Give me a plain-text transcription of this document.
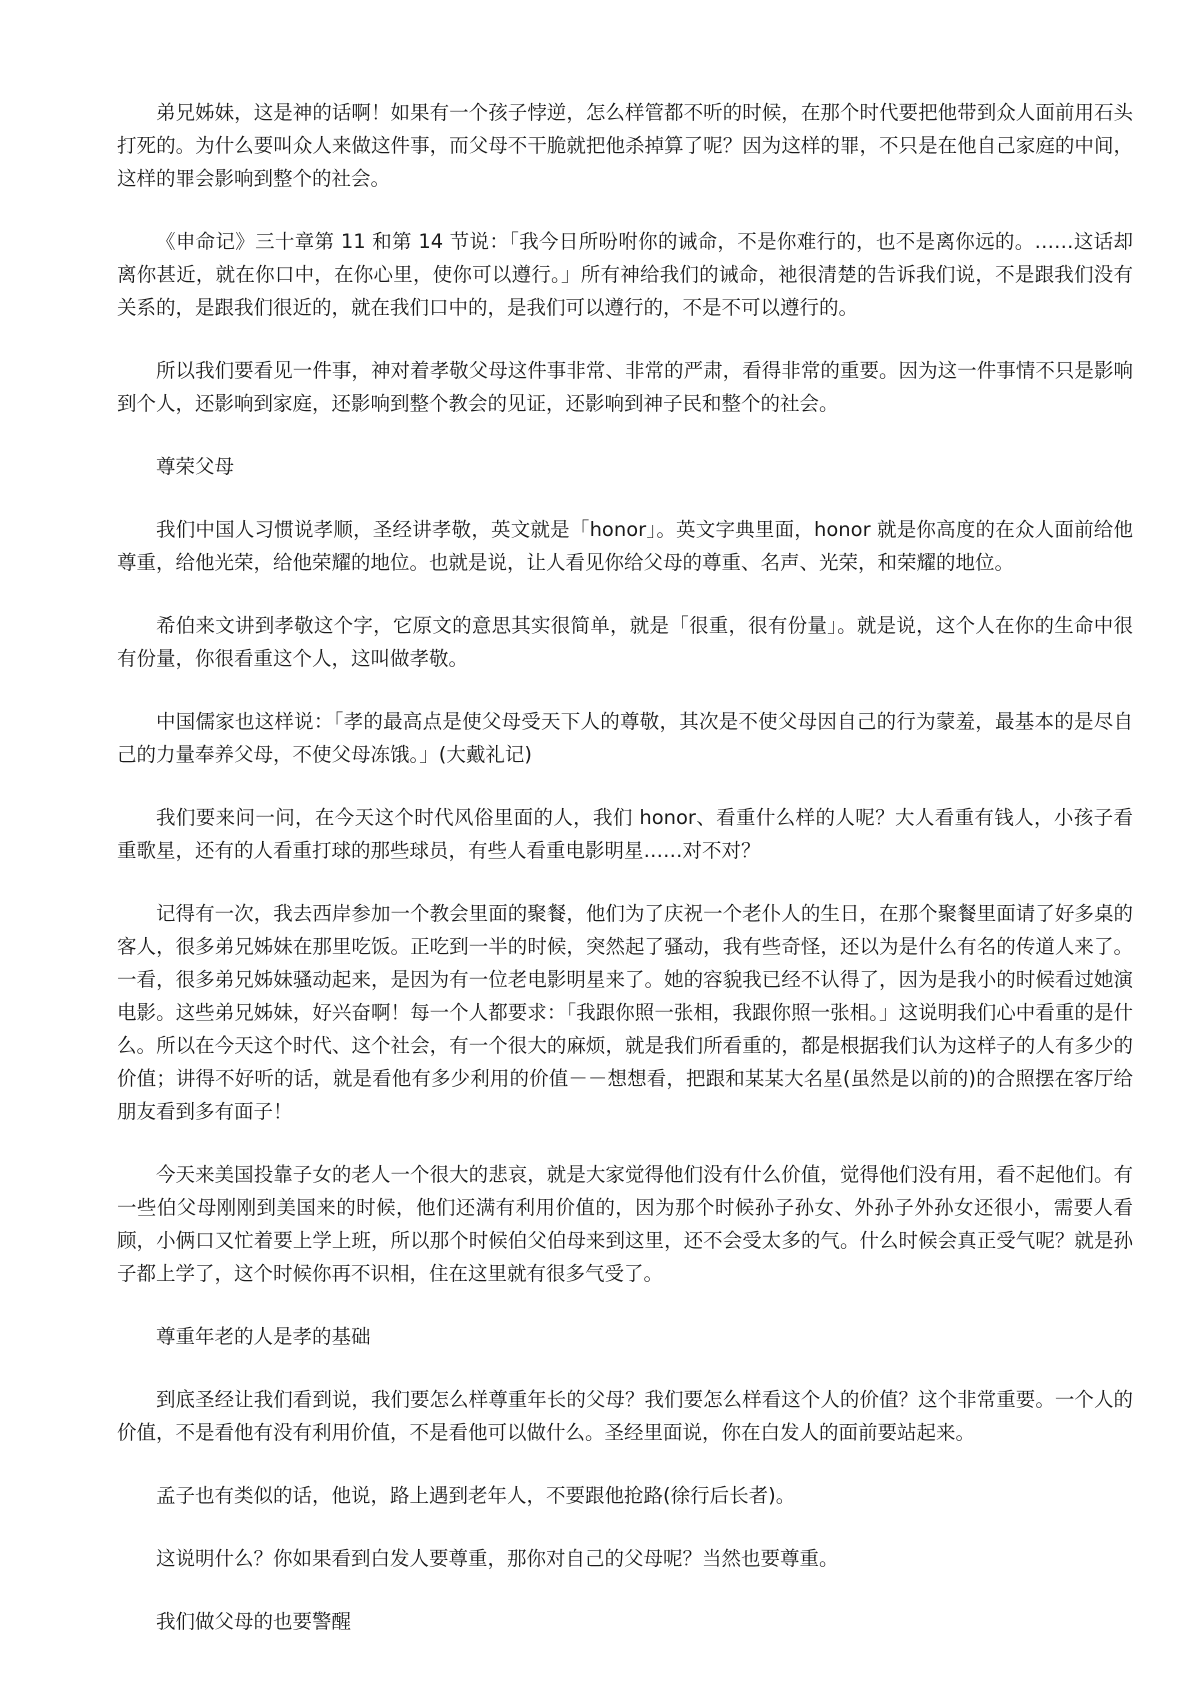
弟兄姊妹，这是神的话啊！如果有一个孩子悖逆，怎么样管都不听的时候，在那个时代要把他带到众人面前用石头打死的。为什么要叫众人来做这件事，而父母不干脆就把他杀掉算了呢？因为这样的罪，不只是在他自己家庭的中间，这样的罪会影响到整个的社会。

《申命记》三十章第 11 和第 14 节说：「我今日所吩咐你的诫命，不是你难行的，也不是离你远的。……这话却离你甚近，就在你口中，在你心里，使你可以遵行。」所有神给我们的诫命，祂很清楚的告诉我们说，不是跟我们没有关系的，是跟我们很近的，就在我们口中的，是我们可以遵行的，不是不可以遵行的。

所以我们要看见一件事，神对着孝敬父母这件事非常、非常的严肃，看得非常的重要。因为这一件事情不只是影响到个人，还影响到家庭，还影响到整个教会的见证，还影响到神子民和整个的社会。

尊荣父母

我们中国人习惯说孝顺，圣经讲孝敬，英文就是「honor」。英文字典里面，honor 就是你高度的在众人面前给他尊重，给他光荣，给他荣耀的地位。也就是说，让人看见你给父母的尊重、名声、光荣，和荣耀的地位。

希伯来文讲到孝敬这个字，它原文的意思其实很简单，就是「很重，很有份量」。就是说，这个人在你的生命中很有份量，你很看重这个人，这叫做孝敬。

中国儒家也这样说：「孝的最高点是使父母受天下人的尊敬，其次是不使父母因自己的行为蒙羞，最基本的是尽自己的力量奉养父母，不使父母冻饿。」(大戴礼记)

我们要来问一问，在今天这个时代风俗里面的人，我们 honor、看重什么样的人呢？大人看重有钱人，小孩子看重歌星，还有的人看重打球的那些球员，有些人看重电影明星……对不对？

记得有一次，我去西岸参加一个教会里面的聚餐，他们为了庆祝一个老仆人的生日，在那个聚餐里面请了好多桌的客人，很多弟兄姊妹在那里吃饭。正吃到一半的时候，突然起了骚动，我有些奇怪，还以为是什么有名的传道人来了。一看，很多弟兄姊妹骚动起来，是因为有一位老电影明星来了。她的容貌我已经不认得了，因为是我小的时候看过她演电影。这些弟兄姊妹，好兴奋啊！每一个人都要求：「我跟你照一张相，我跟你照一张相。」这说明我们心中看重的是什么。所以在今天这个时代、这个社会，有一个很大的麻烦，就是我们所看重的，都是根据我们认为这样子的人有多少的价值；讲得不好听的话，就是看他有多少利用的价值－－想想看，把跟和某某大名星(虽然是以前的)的合照摆在客厅给朋友看到多有面子！

今天来美国投靠子女的老人一个很大的悲哀，就是大家觉得他们没有什么价值，觉得他们没有用，看不起他们。有一些伯父母刚刚到美国来的时候，他们还满有利用价值的，因为那个时候孙子孙女、外孙子外孙女还很小，需要人看顾，小俩口又忙着要上学上班，所以那个时候伯父伯母来到这里，还不会受太多的气。什么时候会真正受气呢？就是孙子都上学了，这个时候你再不识相，住在这里就有很多气受了。

尊重年老的人是孝的基础

到底圣经让我们看到说，我们要怎么样尊重年长的父母？我们要怎么样看这个人的价值？这个非常重要。一个人的价值，不是看他有没有利用价值，不是看他可以做什么。圣经里面说，你在白发人的面前要站起来。

孟子也有类似的话，他说，路上遇到老年人，不要跟他抢路(徐行后长者)。

这说明什么？你如果看到白发人要尊重，那你对自己的父母呢？当然也要尊重。

我们做父母的也要警醒
